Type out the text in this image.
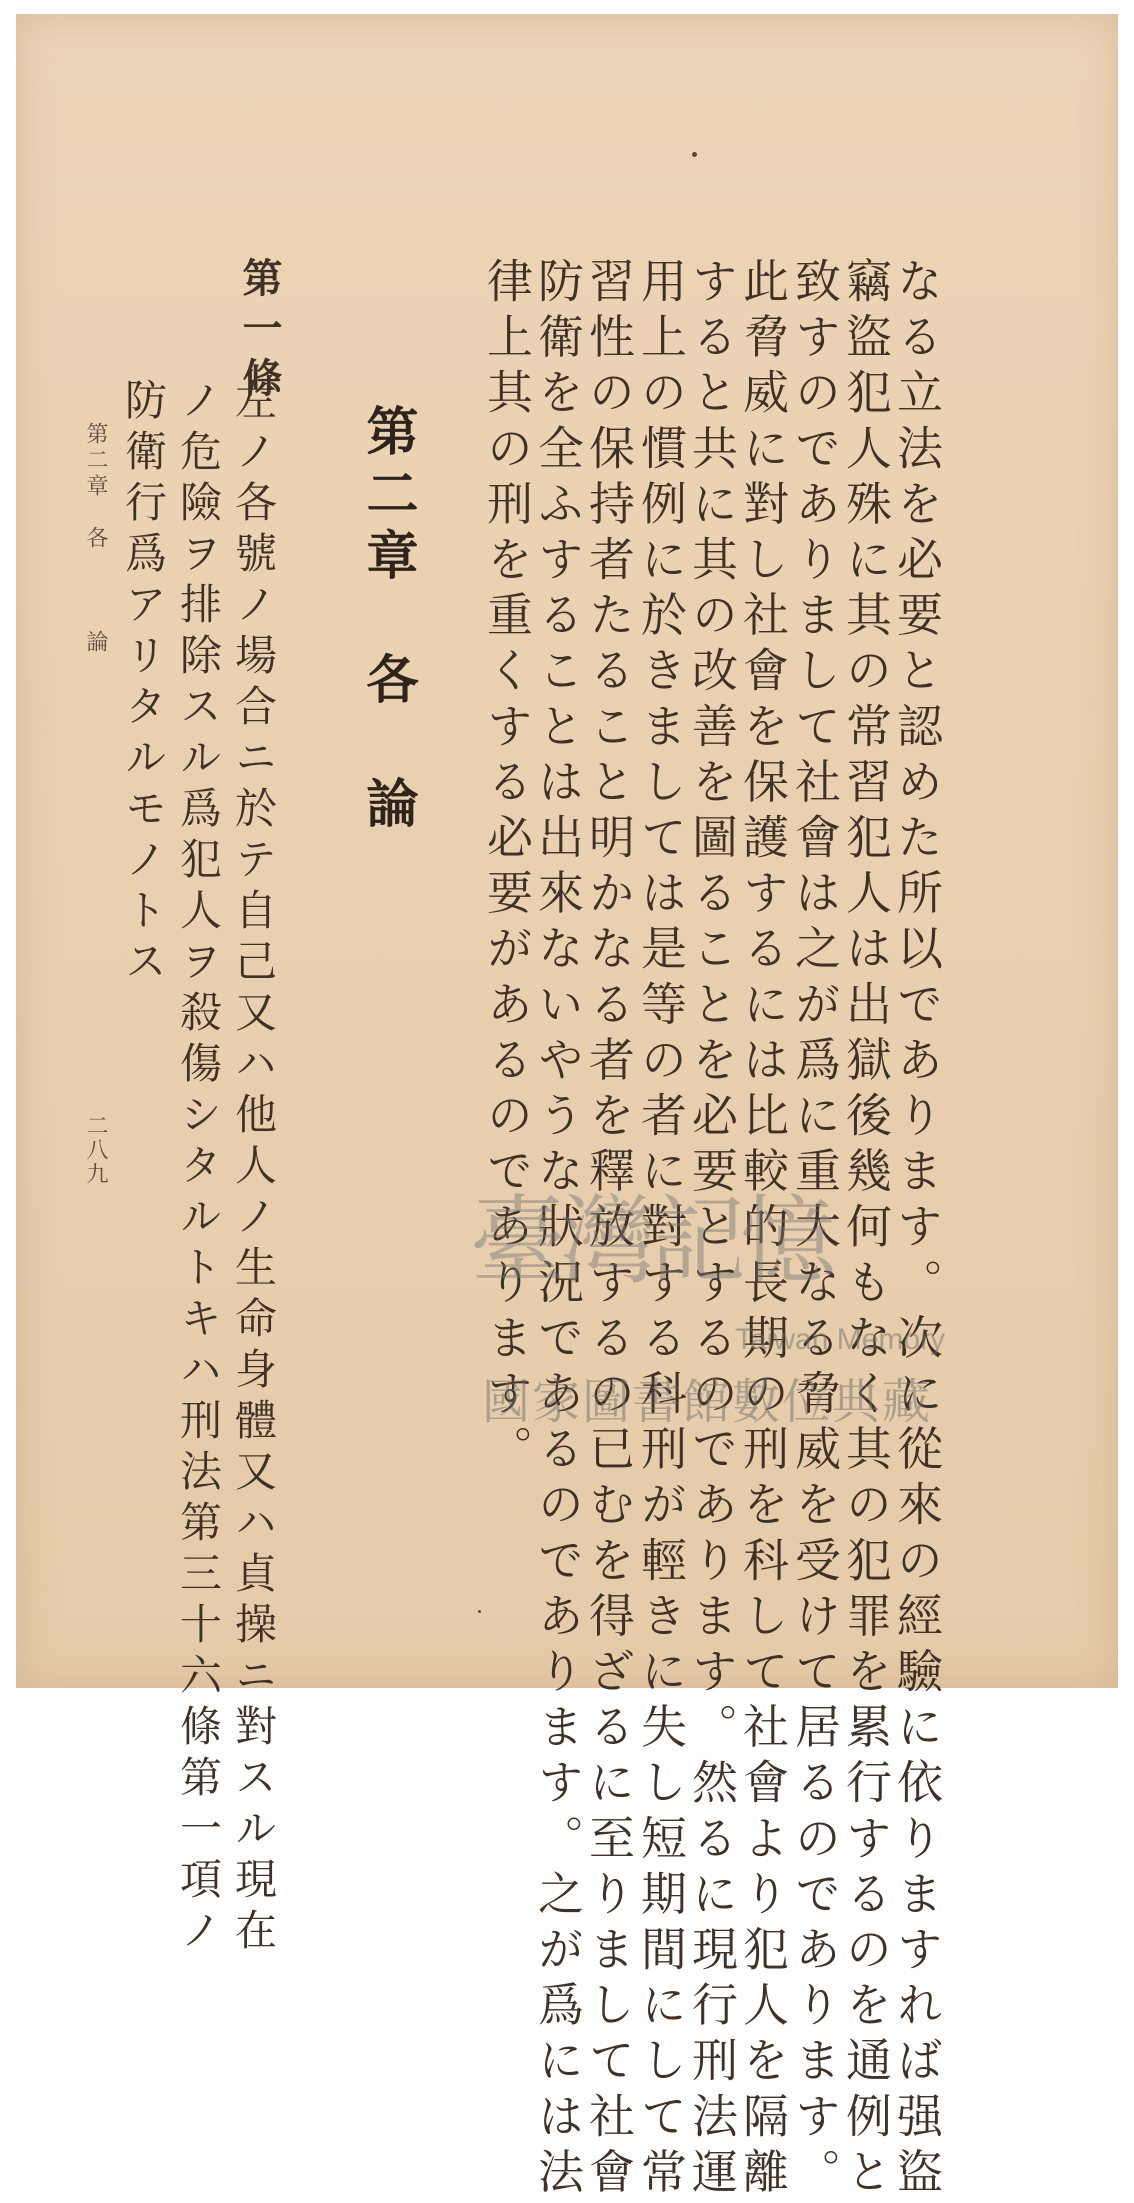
なる立法を必要と認めた所以であります。次に從來の經驗に依りますれば强盜
竊盜犯人殊に其の常習犯人は出獄後幾何もなく其の犯罪を累行するのを通例と
致すのでありまして社會は之が爲に重大なる脅威を受けて居るのであります。
此脅威に對し社會を保護するには比較的長期の刑を科して社會より犯人を隔離
すると共に其の改善を圖ることを必要とするのであります。然るに現行刑法運
用上の慣例に於きましては是等の者に對する科刑が輕きに失し短期間にして常
習性の保持者たること明かなる者を釋放するの已むを得ざるに至りまして社會
防衛を全ふすることは出來ないやうな狀況であるのであります。之が爲には法
律上其の刑を重くする必要があるのであります。
第二章　各　論
第一條
左ノ各號ノ場合ニ於テ自己又ハ他人ノ生命身體又ハ貞操ニ對スル現在
ノ危險ヲ排除スル爲犯人ヲ殺傷シタルトキハ刑法第三十六條第一項ノ
防衛行爲アリタルモノトス
第二章　各　　　論
二八九
臺灣記憶
Taiwan Memory
國家圖書館數位典藏
